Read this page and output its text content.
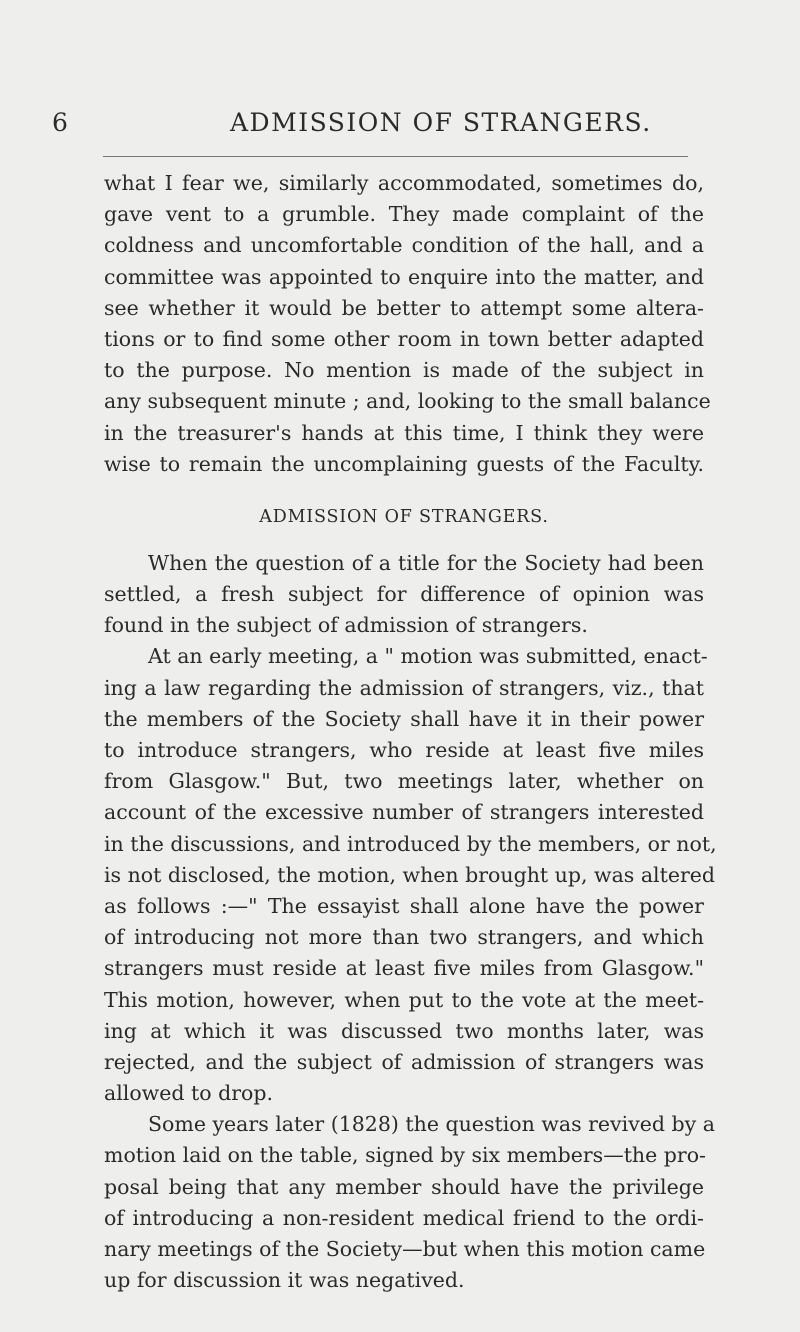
6	ADMISSION OF STRANGERS.
what I fear we, similarly accommodated, sometimes do,
gave vent to a grumble. They made complaint of the
coldness and uncomfortable condition of the hall, and a
committee was appointed to enquire into the matter, and
see whether it would be better to attempt some altera-
tions or to find some other room in town better adapted
to the purpose. No mention is made of the subject in
any subsequent minute ; and, looking to the small balance
in the treasurer's hands at this time, I think they were
wise to remain the uncomplaining guests of the Faculty.
ADMISSION OF STRANGERS.
When the question of a title for the Society had been
settled, a fresh subject for difference of opinion was
found in the subject of admission of strangers.
At an early meeting, a " motion was submitted, enact-
ing a law regarding the admission of strangers, viz., that
the members of the Society shall have it in their power
to introduce strangers, who reside at least five miles
from Glasgow." But, two meetings later, whether on
account of the excessive number of strangers interested
in the discussions, and introduced by the members, or not,
is not disclosed, the motion, when brought up, was altered
as follows :—" The essayist shall alone have the power
of introducing not more than two strangers, and which
strangers must reside at least five miles from Glasgow."
This motion, however, when put to the vote at the meet-
ing at which it was discussed two months later, was
rejected, and the subject of admission of strangers was
allowed to drop.
Some years later (1828) the question was revived by a
motion laid on the table, signed by six members—the pro-
posal being that any member should have the privilege
of introducing a non-resident medical friend to the ordi-
nary meetings of the Society—but when this motion came
up for discussion it was negatived.
